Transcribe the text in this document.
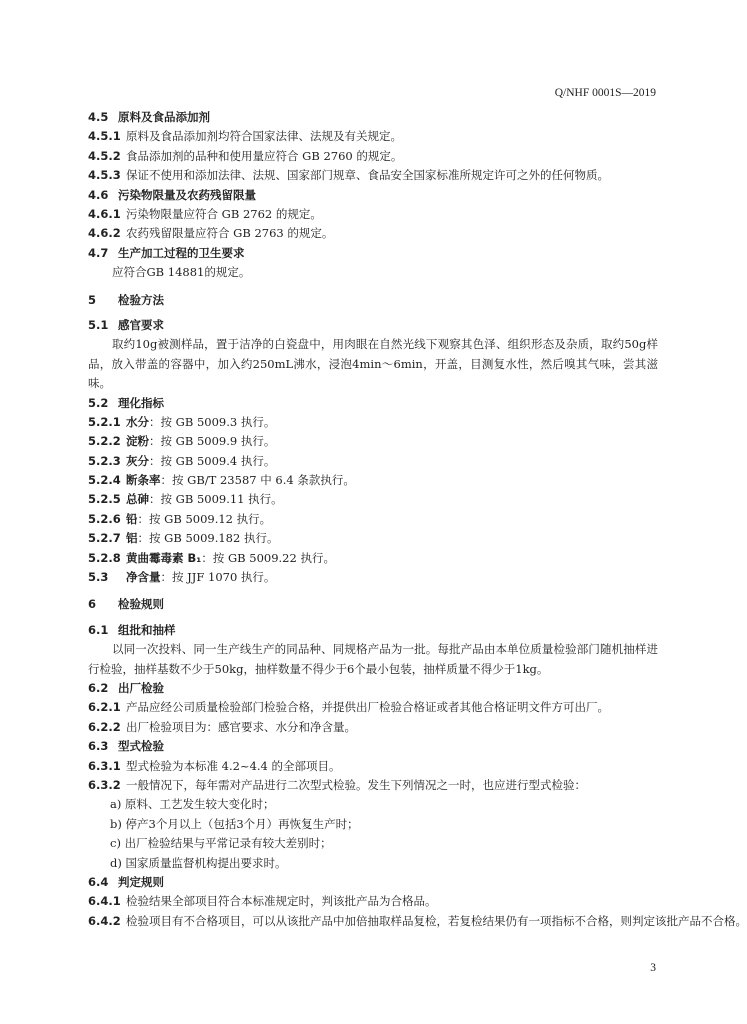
Q/NHF 0001S—2019
4.5 原料及食品添加剂
4.5.1 原料及食品添加剂均符合国家法律、法规及有关规定。
4.5.2 食品添加剂的品种和使用量应符合 GB 2760 的规定。
4.5.3 保证不使用和添加法律、法规、国家部门规章、食品安全国家标准所规定许可之外的任何物质。
4.6 污染物限量及农药残留限量
4.6.1 污染物限量应符合 GB 2762 的规定。
4.6.2 农药残留限量应符合 GB 2763 的规定。
4.7 生产加工过程的卫生要求
应符合GB 14881的规定。
5 检验方法
5.1 感官要求
取约10g被测样品，置于洁净的白瓷盘中，用肉眼在自然光线下观察其色泽、组织形态及杂质，取约50g样品，放入带盖的容器中，加入约250mL沸水，浸泡4min～6min，开盖，目测复水性，然后嗅其气味，尝其滋味。
5.2 理化指标
5.2.1 水分：按 GB 5009.3 执行。
5.2.2 淀粉：按 GB 5009.9 执行。
5.2.3 灰分：按 GB 5009.4 执行。
5.2.4 断条率：按 GB/T 23587 中 6.4 条款执行。
5.2.5 总砷：按 GB 5009.11 执行。
5.2.6 铅：按 GB 5009.12 执行。
5.2.7 铝：按 GB 5009.182 执行。
5.2.8 黄曲霉毒素 B₁：按 GB 5009.22 执行。
5.3 净含量：按 JJF 1070 执行。
6 检验规则
6.1 组批和抽样
以同一次投料、同一生产线生产的同品种、同规格产品为一批。每批产品由本单位质量检验部门随机抽样进行检验，抽样基数不少于50kg，抽样数量不得少于6个最小包装，抽样质量不得少于1kg。
6.2 出厂检验
6.2.1 产品应经公司质量检验部门检验合格，并提供出厂检验合格证或者其他合格证明文件方可出厂。
6.2.2 出厂检验项目为：感官要求、水分和净含量。
6.3 型式检验
6.3.1 型式检验为本标准 4.2~4.4 的全部项目。
6.3.2 一般情况下，每年需对产品进行二次型式检验。发生下列情况之一时，也应进行型式检验：
a) 原料、工艺发生较大变化时；
b) 停产3个月以上（包括3个月）再恢复生产时；
c) 出厂检验结果与平常记录有较大差别时；
d) 国家质量监督机构提出要求时。
6.4 判定规则
6.4.1 检验结果全部项目符合本标准规定时，判该批产品为合格品。
6.4.2 检验项目有不合格项目，可以从该批产品中加倍抽取样品复检，若复检结果仍有一项指标不合格，则判定该批产品不合格。
3
